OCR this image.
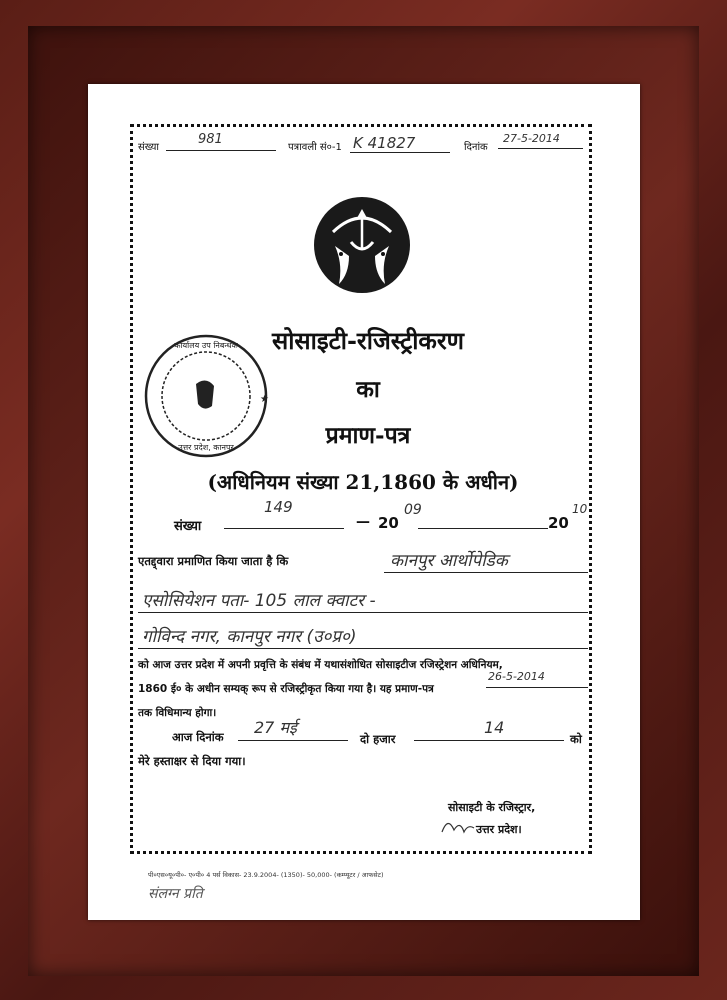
संख्या
981
पत्रावली सं०-1 K 41827	दिनांक
27-5-2014
कार्यालय उप निबन्धक
उत्तर प्रदेश, कानपुर
★
सोसाइटी-रजिस्ट्रीकरण
का
प्रमाण-पत्र
(अधिनियम संख्या 21,1860 के अधीन)
संख्या
149
— 20
09
20
10
एतद्द्वारा प्रमाणित किया जाता है कि	कानपुर आर्थोपेडिक
एसोसियेशन पता- 105 लाल क्वाटर -
गोविन्द नगर, कानपुर नगर (उ०प्र०)
को आज उत्तर प्रदेश में अपनी प्रवृत्ति के संबंध में यथासंशोधित सोसाइटीज रजिस्ट्रेशन अधिनियम,
1860 ई० के अधीन सम्यक् रूप से रजिस्ट्रीकृत किया गया है। यह प्रमाण-पत्र
26-5-2014
तक विधिमान्य होगा।
आज दिनांक 27 मई
दो हजार
14
को
मेरे हस्ताक्षर से दिया गया।
सोसाइटी के रजिस्ट्रार,
उत्तर प्रदेश।
पी०एस०यू०पी०- ए०पी० 4 पर्स विकास- 23.9.2004- (1350)- 50,000- (कम्प्यूटर / आफसेट)
संलग्न प्रति
